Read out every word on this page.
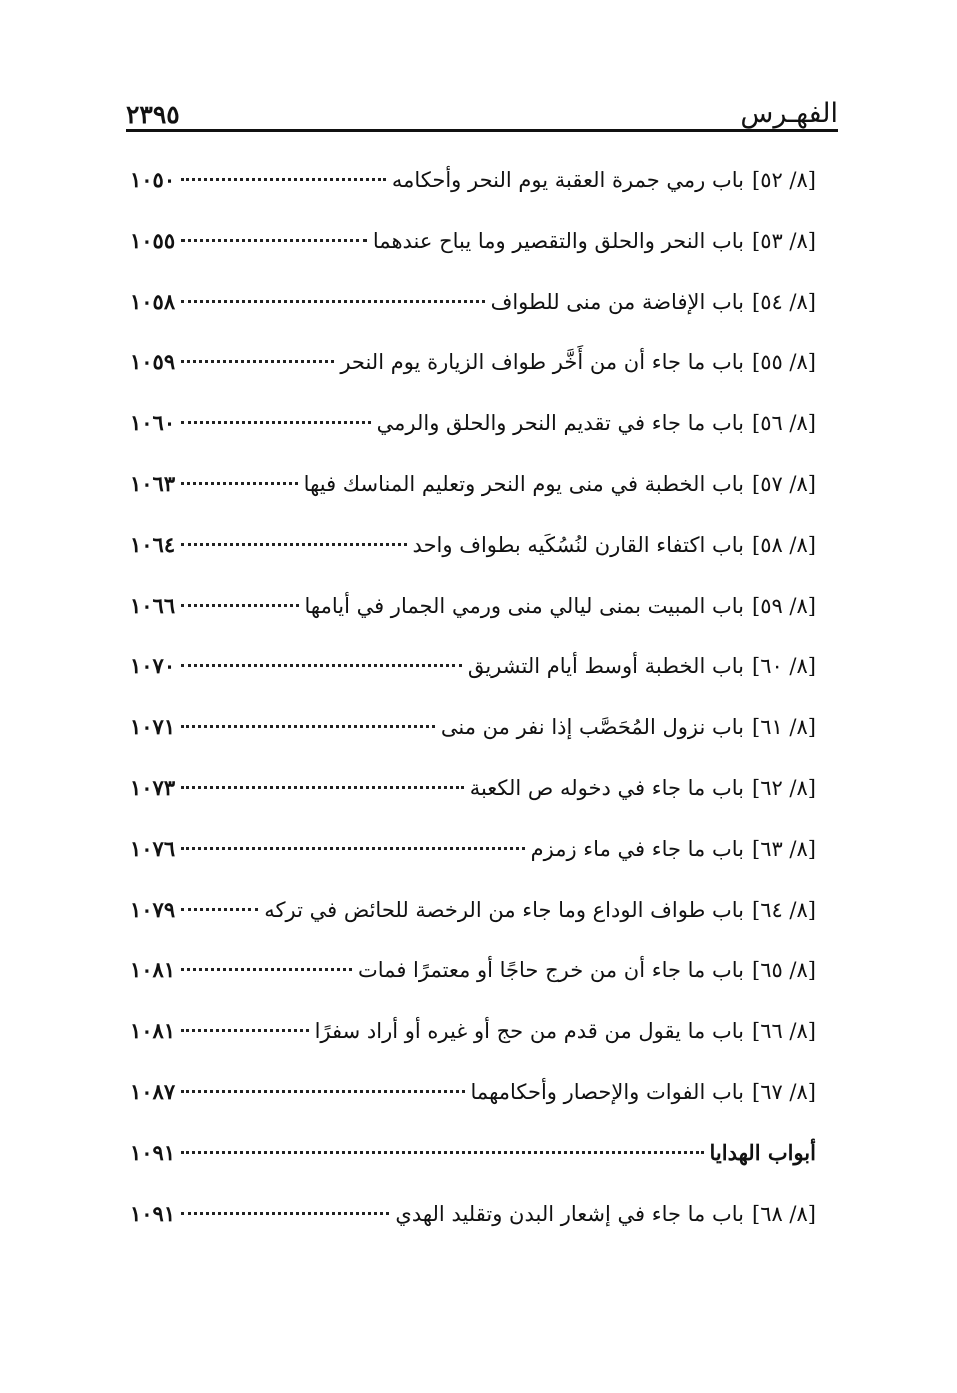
الفهـرس
٢٣٩٥
[٨/ ٥٢]
باب رمي جمرة العقبة يوم النحر وأحكامه
١٠٥٠
[٨/ ٥٣]
باب النحر والحلق والتقصير وما يباح عندهما
١٠٥٥
[٨/ ٥٤]
باب الإفاضة من منى للطواف
١٠٥٨
[٨/ ٥٥]
باب ما جاء أن من أَخَّر طواف الزيارة يوم النحر
١٠٥٩
[٨/ ٥٦]
باب ما جاء في تقديم النحر والحلق والرمي
١٠٦٠
[٨/ ٥٧]
باب الخطبة في منى يوم النحر وتعليم المناسك فيها
١٠٦٣
[٨/ ٥٨]
باب اكتفاء القارن لنُسُكَيه بطواف واحد
١٠٦٤
[٨/ ٥٩]
باب المبيت بمنى ليالي منى ورمي الجمار في أيامها
١٠٦٦
[٨/ ٦٠]
باب الخطبة أوسط أيام التشريق
١٠٧٠
[٨/ ٦١]
باب نزول المُحَصَّب إذا نفر من منى
١٠٧١
[٨/ ٦٢]
باب ما جاء في دخوله ص الكعبة
١٠٧٣
[٨/ ٦٣]
باب ما جاء في ماء زمزم
١٠٧٦
[٨/ ٦٤]
باب طواف الوداع وما جاء من الرخصة للحائض في تركه
١٠٧٩
[٨/ ٦٥]
باب ما جاء أن من خرج حاجًا أو معتمرًا فمات
١٠٨١
[٨/ ٦٦]
باب ما يقول من قدم من حج أو غيره أو أراد سفرًا
١٠٨١
[٨/ ٦٧]
باب الفوات والإحصار وأحكامهما
١٠٨٧
أبواب الهدايا
١٠٩١
[٨/ ٦٨]
باب ما جاء في إشعار البدن وتقليد الهدي
١٠٩١
